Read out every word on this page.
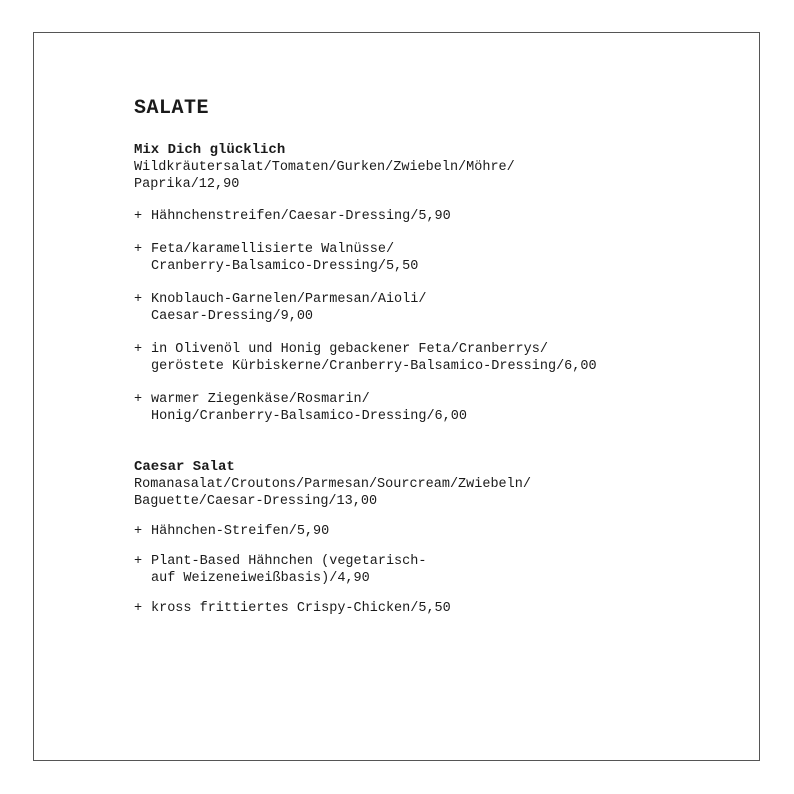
SALATE
Mix Dich glücklich
Wildkräutersalat/Tomaten/Gurken/Zwiebeln/Möhre/
Paprika/12,90
+ Hähnchenstreifen/Caesar-Dressing/5,90
+ Feta/karamellisierte Walnüsse/
Cranberry-Balsamico-Dressing/5,50
+ Knoblauch-Garnelen/Parmesan/Aioli/
Caesar-Dressing/9,00
+ in Olivenöl und Honig gebackener Feta/Cranberrys/
geröstete Kürbiskerne/Cranberry-Balsamico-Dressing/6,00
+ warmer Ziegenkäse/Rosmarin/
Honig/Cranberry-Balsamico-Dressing/6,00
Caesar Salat
Romanasalat/Croutons/Parmesan/Sourcream/Zwiebeln/
Baguette/Caesar-Dressing/13,00
+ Hähnchen-Streifen/5,90
+ Plant-Based Hähnchen (vegetarisch-
auf Weizeneiweißbasis)/4,90
+ kross frittiertes Crispy-Chicken/5,50
